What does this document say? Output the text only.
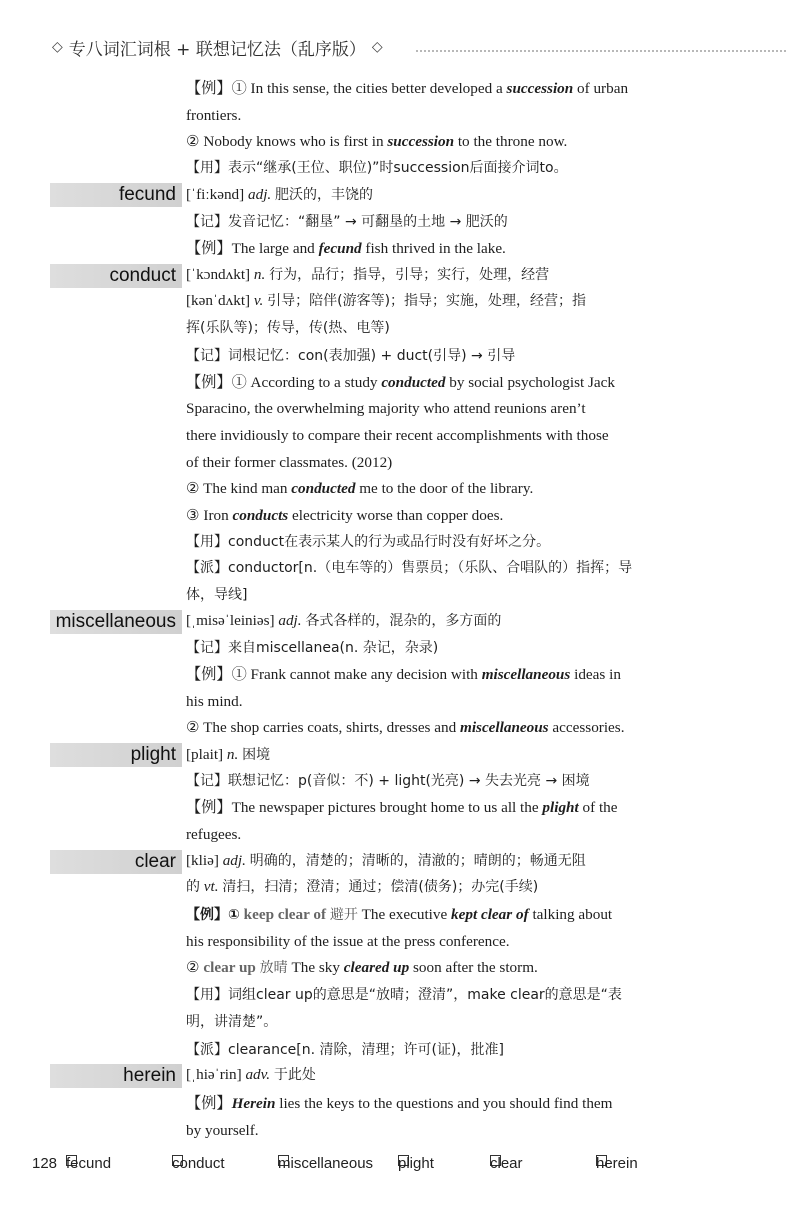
◇ 专八词汇词根 + 联想记忆法（乱序版） ◇
【例】① In this sense, the cities better developed a succession of urban
frontiers.
② Nobody knows who is first in succession to the throne now.
【用】表示“继承(王位、职位)”时succession后面接介词to。
fecund [ˈfiːkənd] adj. 肥沃的，丰饶的
【记】发音记忆：“翻垦” → 可翻垦的土地 → 肥沃的
【例】The large and fecund fish thrived in the lake.
conduct [ˈkɔndʌkt] n. 行为，品行；指导，引导；实行，处理，经营
[kənˈdʌkt] v. 引导；陪伴(游客等)；指导；实施，处理，经营；指
挥(乐队等)；传导，传(热、电等)
【记】词根记忆：con(表加强) + duct(引导) → 引导
【例】① According to a study conducted by social psychologist Jack
Sparacino, the overwhelming majority who attend reunions aren’t
there invidiously to compare their recent accomplishments with those
of their former classmates. (2012)
② The kind man conducted me to the door of the library.
③ Iron conducts electricity worse than copper does.
【用】conduct在表示某人的行为或品行时没有好坏之分。
【派】conductor[n.（电车等的）售票员；（乐队、合唱队的）指挥；导
体，导线]
miscellaneous [ˌmisəˈleiniəs] adj. 各式各样的，混杂的，多方面的
【记】来自miscellanea(n. 杂记，杂录)
【例】① Frank cannot make any decision with miscellaneous ideas in
his mind.
② The shop carries coats, shirts, dresses and miscellaneous accessories.
plight [plait] n. 困境
【记】联想记忆：p(音似：不) + light(光亮) → 失去光亮 → 困境
【例】The newspaper pictures brought home to us all the plight of the
refugees.
clear [kliə] adj. 明确的，清楚的；清晰的，清澈的；晴朗的；畅通无阻
的 vt. 清扫，扫清；澄清；通过；偿清(债务)；办完(手续)
【例】① keep clear of 避开 The executive kept clear of talking about
his responsibility of the issue at the press conference.
② clear up 放晴 The sky cleared up soon after the storm.
【用】词组clear up的意思是“放晴；澄清”，make clear的意思是“表
明，讲清楚”。
【派】clearance[n. 清除，清理；许可(证)，批准]
herein [ˌhiəˈrin] adv. 于此处
【例】Herein lies the keys to the questions and you should find them
by yourself.
128 fecund	conduct	miscellaneous plight	clear	herein
